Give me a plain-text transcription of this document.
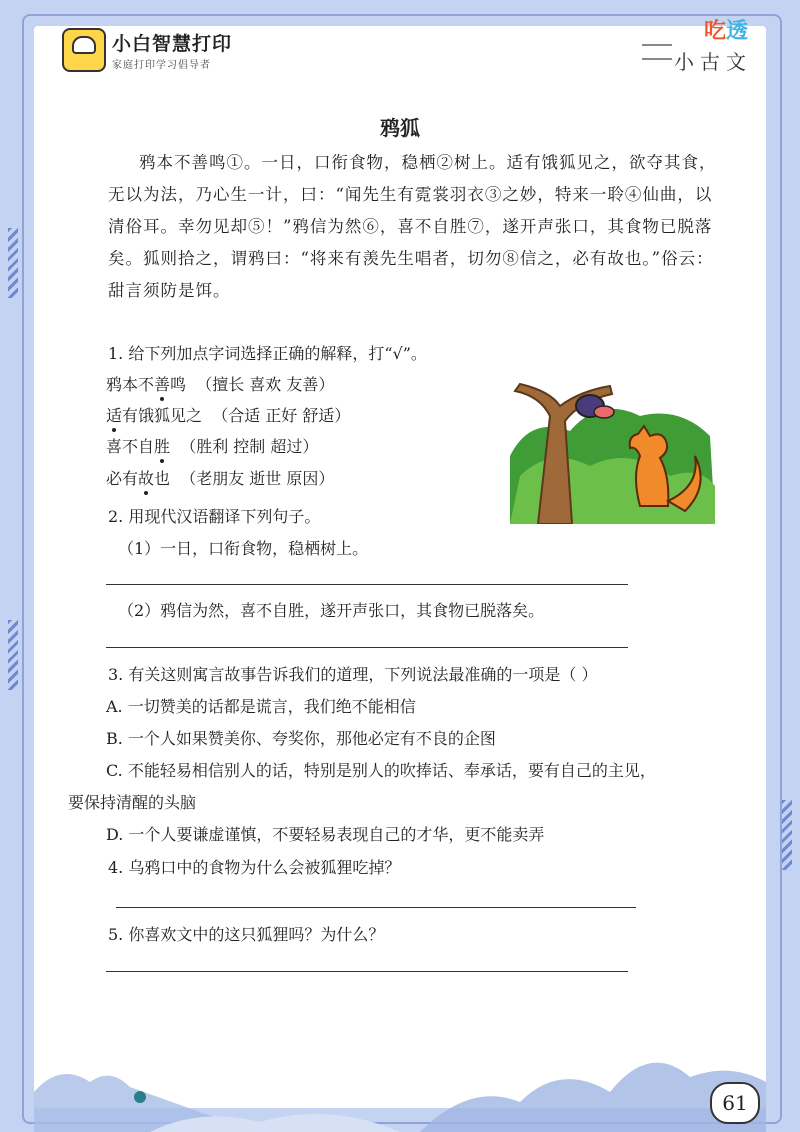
小白智慧打印
家庭打印学习倡导者
吃透
小古文
鸦狐

鸦本不善鸣①。一日，口衔食物，稳栖②树上。适有饿狐见之，欲夺其食，

无以为法，乃心生一计，曰：“闻先生有霓裳羽衣③之妙，特来一聆④仙曲，以

清俗耳。幸勿见却⑤！”鸦信为然⑥，喜不自胜⑦，遂开声张口，其食物已脱落

矣。狐则拾之，谓鸦曰：“将来有羡先生唱者，切勿⑧信之，必有故也。”俗云：

甜言须防是饵。

1. 给下列加点字词选择正确的解释，打“√”。
鸦本不善鸣 （擅长 喜欢 友善）
适有饿狐见之 （合适 正好 舒适）
喜不自胜 （胜利 控制 超过）
必有故也 （老朋友 逝世 原因）
2. 用现代汉语翻译下列句子。
（1）一日，口衔食物，稳栖树上。
（2）鸦信为然，喜不自胜，遂开声张口，其食物已脱落矣。
3. 有关这则寓言故事告诉我们的道理，下列说法最准确的一项是（ ）
A. 一切赞美的话都是谎言，我们绝不能相信
B. 一个人如果赞美你、夸奖你，那他必定有不良的企图
C. 不能轻易相信别人的话，特别是别人的吹捧话、奉承话，要有自己的主见，
要保持清醒的头脑
D. 一个人要谦虚谨慎，不要轻易表现自己的才华，更不能卖弄
4. 乌鸦口中的食物为什么会被狐狸吃掉？
5. 你喜欢文中的这只狐狸吗？为什么？
61
